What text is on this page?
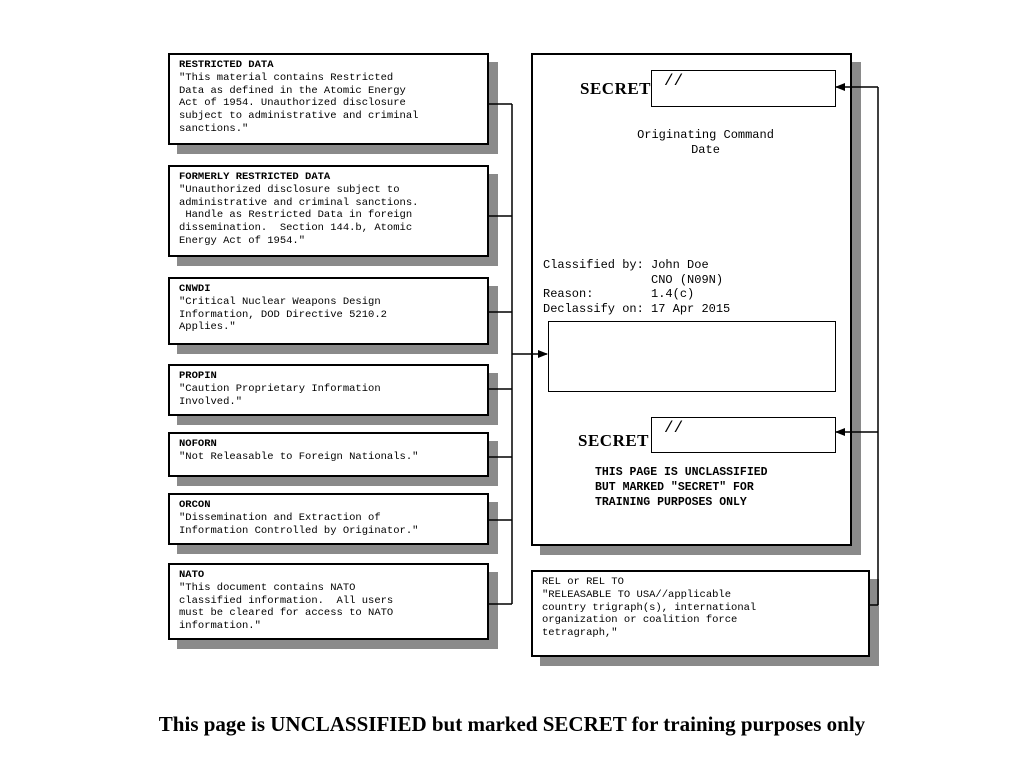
RESTRICTED DATA
"This material contains Restricted
Data as defined in the Atomic Energy
Act of 1954. Unauthorized disclosure
subject to administrative and criminal
sanctions."
FORMERLY RESTRICTED DATA
"Unauthorized disclosure subject to
administrative and criminal sanctions.
Handle as Restricted Data in foreign
dissemination.  Section 144.b, Atomic
Energy Act of 1954."
CNWDI
"Critical Nuclear Weapons Design
Information, DOD Directive 5210.2
Applies."
PROPIN
"Caution Proprietary Information
Involved."
NOFORN
"Not Releasable to Foreign Nationals."
ORCON
"Dissemination and Extraction of
Information Controlled by Originator."
NATO
"This document contains NATO
classified information.  All users
must be cleared for access to NATO
information."
REL or REL TO
"RELEASABLE TO USA//applicable
country trigraph(s), international
organization or coalition force
tetragraph,"
SECRET //
Originating Command
Date
Classified by: John Doe
CNO (N09N)
Reason:	1.4(c)
Declassify on: 17 Apr 2015
SECRET
//
THIS PAGE IS UNCLASSIFIED
BUT MARKED "SECRET" FOR
TRAINING PURPOSES ONLY
This page is UNCLASSIFIED but marked SECRET for training purposes only
